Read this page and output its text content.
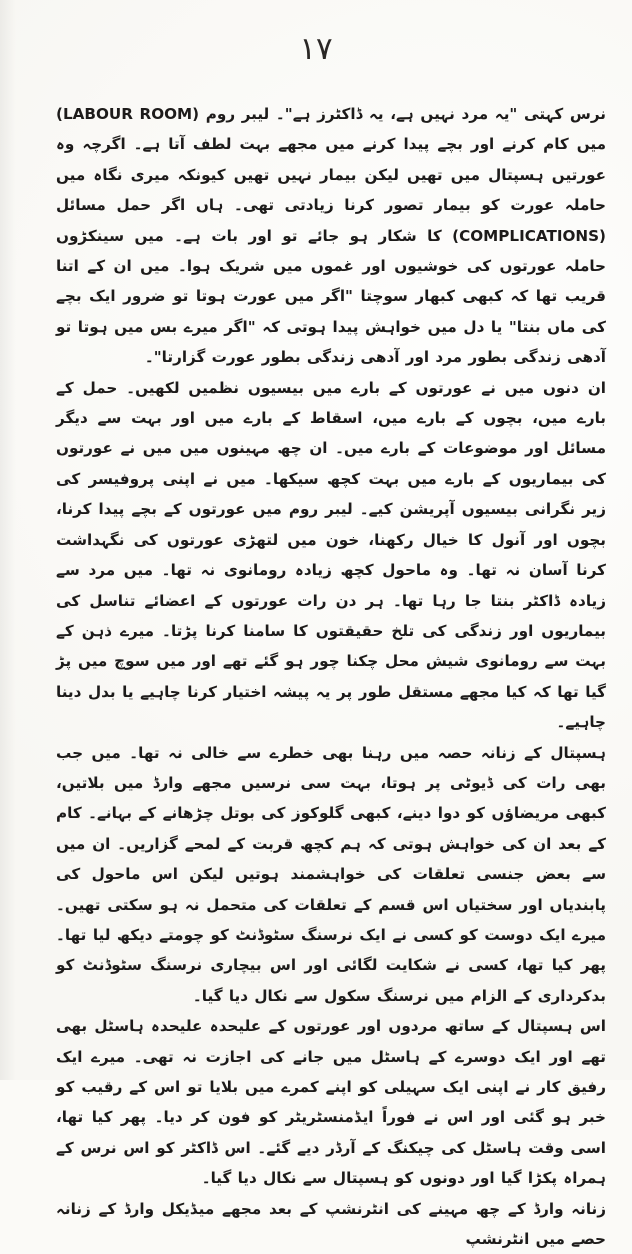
۱۷

نرس کہتی "یہ مرد نہیں ہے، یہ ڈاکٹرز ہے"۔ لیبر روم (LABOUR ROOM) میں کام کرنے اور بچے پیدا کرنے میں مجھے بہت لطف آتا ہے۔ اگرچہ وہ عورتیں ہسپتال میں تھیں لیکن بیمار نہیں تھیں کیونکہ میری نگاہ میں حاملہ عورت کو بیمار تصور کرنا زیادتی تھی۔ ہاں اگر حمل مسائل (COMPLICATIONS) کا شکار ہو جائے تو اور بات ہے۔ میں سینکڑوں حاملہ عورتوں کی خوشیوں اور غموں میں شریک ہوا۔ میں ان کے اتنا قریب تھا کہ کبھی کبھار سوچتا "اگر میں عورت ہوتا تو ضرور ایک بچے کی ماں بنتا" یا دل میں خواہش پیدا ہوتی کہ "اگر میرے بس میں ہوتا تو آدھی زندگی بطور مرد اور آدھی زندگی بطور عورت گزارتا"۔

ان دنوں میں نے عورتوں کے بارے میں بیسیوں نظمیں لکھیں۔ حمل کے بارے میں، بچوں کے بارے میں، اسقاط کے بارے میں اور بہت سے دیگر مسائل اور موضوعات کے بارے میں۔ ان چھ مہینوں میں میں نے عورتوں کی بیماریوں کے بارے میں بہت کچھ سیکھا۔ میں نے اپنی پروفیسر کی زیر نگرانی بیسیوں آپریشن کیے۔ لیبر روم میں عورتوں کے بچے پیدا کرنا، بچوں اور آنول کا خیال رکھنا، خون میں لتھڑی عورتوں کی نگہداشت کرنا آسان نہ تھا۔ وہ ماحول کچھ زیادہ رومانوی نہ تھا۔ میں مرد سے زیادہ ڈاکٹر بنتا جا رہا تھا۔ ہر دن رات عورتوں کے اعضائے تناسل کی بیماریوں اور زندگی کی تلخ حقیقتوں کا سامنا کرنا پڑتا۔ میرے ذہن کے بہت سے رومانوی شیش محل چکنا چور ہو گئے تھے اور میں سوچ میں پڑ گیا تھا کہ کیا مجھے مستقل طور پر یہ پیشہ اختیار کرنا چاہیے یا بدل دینا چاہیے۔

ہسپتال کے زنانہ حصہ میں رہنا بھی خطرے سے خالی نہ تھا۔ میں جب بھی رات کی ڈیوٹی پر ہوتا، بہت سی نرسیں مجھے وارڈ میں بلاتیں، کبھی مریضاؤں کو دوا دینے، کبھی گلوکوز کی بوتل چڑھانے کے بہانے۔ کام کے بعد ان کی خواہش ہوتی کہ ہم کچھ قربت کے لمحے گزاریں۔ ان میں سے بعض جنسی تعلقات کی خواہشمند ہوتیں لیکن اس ماحول کی پابندیاں اور سختیاں اس قسم کے تعلقات کی متحمل نہ ہو سکتی تھیں۔ میرے ایک دوست کو کسی نے ایک نرسنگ سٹوڈنٹ کو چومتے دیکھ لیا تھا۔ پھر کیا تھا، کسی نے شکایت لگائی اور اس بیچاری نرسنگ سٹوڈنٹ کو بدکرداری کے الزام میں نرسنگ سکول سے نکال دیا گیا۔

اس ہسپتال کے ساتھ مردوں اور عورتوں کے علیحدہ علیحدہ ہاسٹل بھی تھے اور ایک دوسرے کے ہاسٹل میں جانے کی اجازت نہ تھی۔ میرے ایک رفیق کار نے اپنی ایک سہیلی کو اپنے کمرے میں بلایا تو اس کے رقیب کو خبر ہو گئی اور اس نے فوراً ایڈمنسٹریٹر کو فون کر دیا۔ پھر کیا تھا، اسی وقت ہاسٹل کی چیکنگ کے آرڈر دیے گئے۔ اس ڈاکٹر کو اس نرس کے ہمراہ پکڑا گیا اور دونوں کو ہسپتال سے نکال دیا گیا۔

زنانہ وارڈ کے چھ مہینے کی انٹرنشپ کے بعد مجھے میڈیکل وارڈ کے زنانہ حصے میں انٹرنشپ
